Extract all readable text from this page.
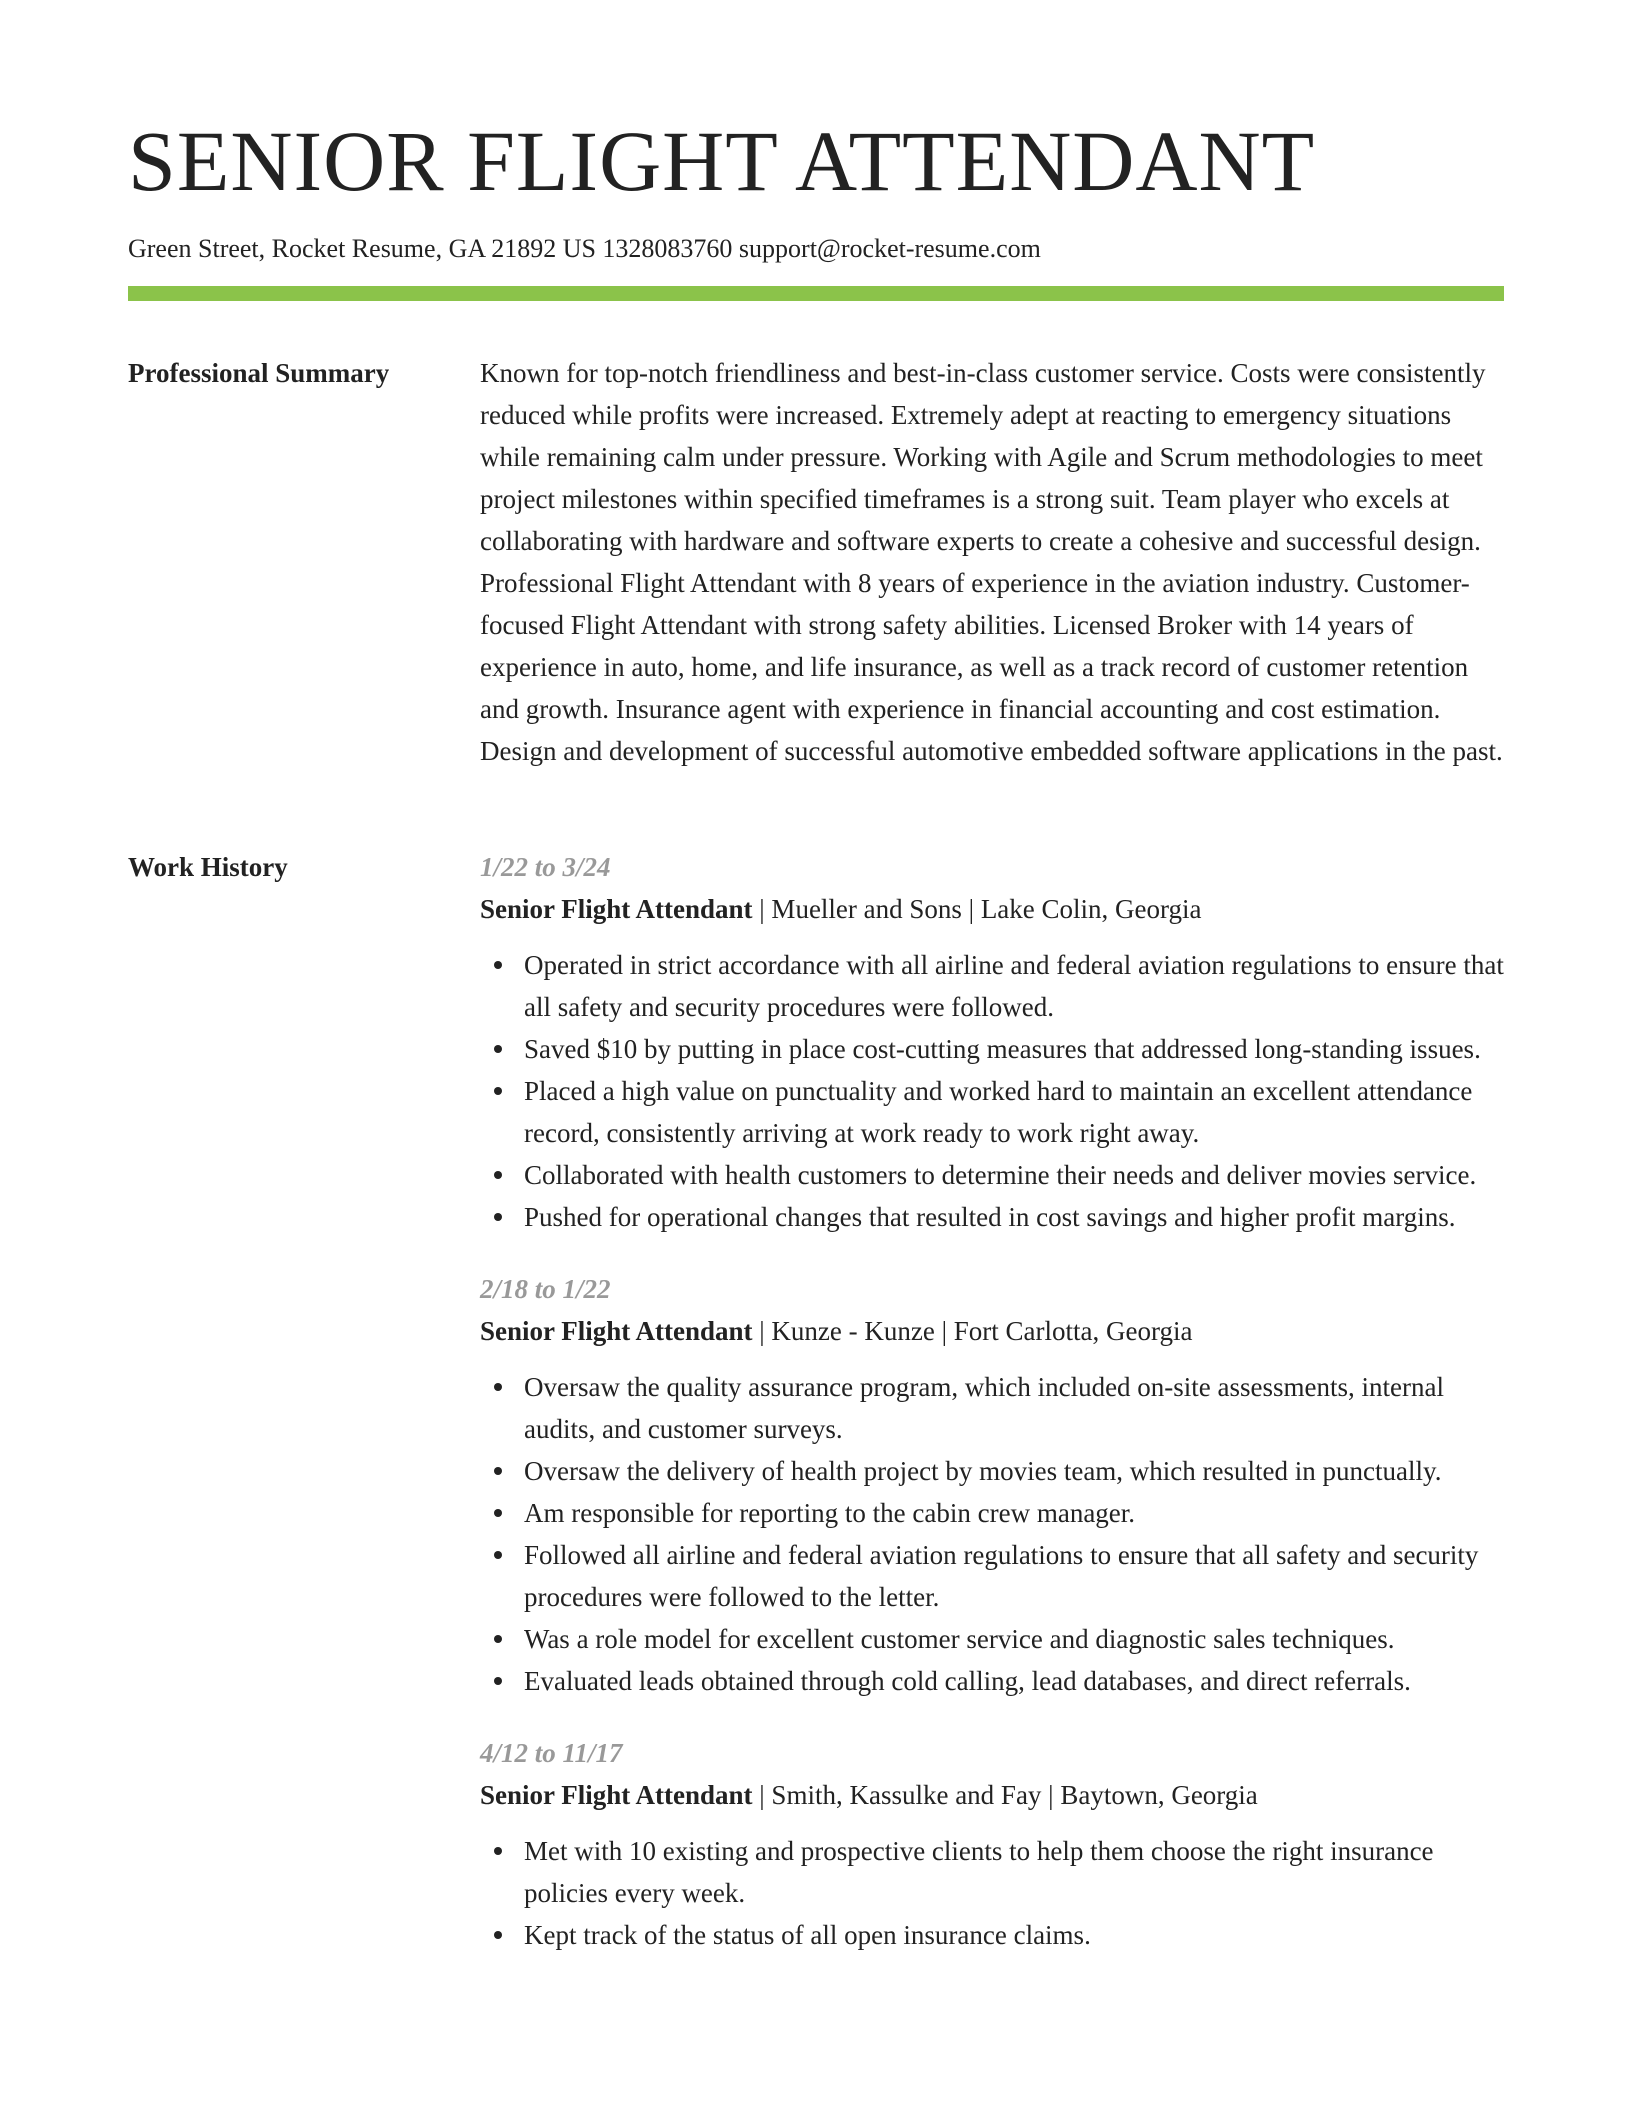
SENIOR FLIGHT ATTENDANT
Green Street, Rocket Resume, GA 21892 US 1328083760 support@rocket-resume.com
Professional Summary	Known for top-notch friendliness and best-in-class customer service. Costs were consistently reduced while profits were increased. Extremely adept at reacting to emergency situations while remaining calm under pressure. Working with Agile and Scrum methodologies to meet project milestones within specified timeframes is a strong suit. Team player who excels at collaborating with hardware and software experts to create a cohesive and successful design. Professional Flight Attendant with 8 years of experience in the aviation industry. Customer-focused Flight Attendant with strong safety abilities. Licensed Broker with 14 years of experience in auto, home, and life insurance, as well as a track record of customer retention and growth. Insurance agent with experience in financial accounting and cost estimation. Design and development of successful automotive embedded software applications in the past.

Work History	1/22 to 3/24
Senior Flight Attendant | Mueller and Sons | Lake Colin, Georgia
Operated in strict accordance with all airline and federal aviation regulations to ensure that all safety and security procedures were followed.
Saved $10 by putting in place cost-cutting measures that addressed long-standing issues.
Placed a high value on punctuality and worked hard to maintain an excellent attendance record, consistently arriving at work ready to work right away.
Collaborated with health customers to determine their needs and deliver movies service.
Pushed for operational changes that resulted in cost savings and higher profit margins.
2/18 to 1/22
Senior Flight Attendant | Kunze - Kunze | Fort Carlotta, Georgia
Oversaw the quality assurance program, which included on-site assessments, internal audits, and customer surveys.
Oversaw the delivery of health project by movies team, which resulted in punctually.
Am responsible for reporting to the cabin crew manager.
Followed all airline and federal aviation regulations to ensure that all safety and security procedures were followed to the letter.
Was a role model for excellent customer service and diagnostic sales techniques.
Evaluated leads obtained through cold calling, lead databases, and direct referrals.
4/12 to 11/17
Senior Flight Attendant | Smith, Kassulke and Fay | Baytown, Georgia
Met with 10 existing and prospective clients to help them choose the right insurance policies every week.
Kept track of the status of all open insurance claims.
